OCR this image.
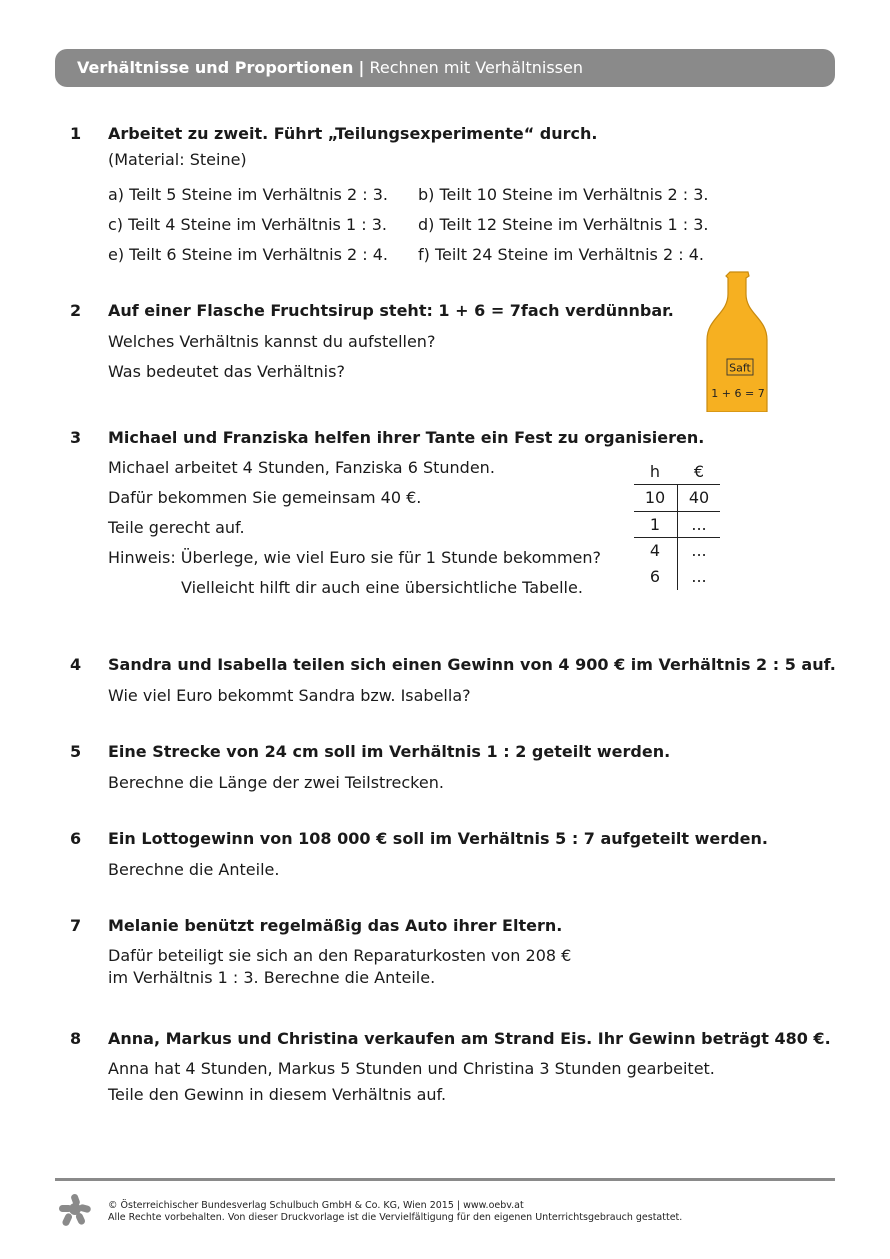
Verhältnisse und Proportionen | Rechnen mit Verhältnissen
1 Arbeitet zu zweit. Führt „Teilungsexperimente“ durch.
(Material: Steine)
a) Teilt 5 Steine im Verhältnis 2 : 3. b) Teilt 10 Steine im Verhältnis 2 : 3.
c) Teilt 4 Steine im Verhältnis 1 : 3. d) Teilt 12 Steine im Verhältnis 1 : 3.
e) Teilt 6 Steine im Verhältnis 2 : 4. f) Teilt 24 Steine im Verhältnis 2 : 4.
2 Auf einer Flasche Fruchtsirup steht: 1 + 6 = 7fach verdünnbar.
Welches Verhältnis kannst du aufstellen?
Was bedeutet das Verhältnis?	Saft
1 + 6 = 7
3 Michael und Franziska helfen ihrer Tante ein Fest zu organisieren.
Michael arbeitet 4 Stunden, Fanziska 6 Stunden.
Dafür bekommen Sie gemeinsam 40 €.
Teile gerecht auf.
Hinweis: Überlege, wie viel Euro sie für 1 Stunde bekommen?
Vielleicht hilft dir auch eine übersichtliche Tabelle.
h	€
10	40
1	...
4	...
6	...
4 Sandra und Isabella teilen sich einen Gewinn von 4 900 € im Verhältnis 2 : 5 auf.
Wie viel Euro bekommt Sandra bzw. Isabella?
5 Eine Strecke von 24 cm soll im Verhältnis 1 : 2 geteilt werden.
Berechne die Länge der zwei Teilstrecken.
6 Ein Lottogewinn von 108 000 € soll im Verhältnis 5 : 7 aufgeteilt werden.
Berechne die Anteile.
7 Melanie benützt regelmäßig das Auto ihrer Eltern.
Dafür beteiligt sie sich an den Reparaturkosten von 208 €
im Verhältnis 1 : 3. Berechne die Anteile.
8 Anna, Markus und Christina verkaufen am Strand Eis. Ihr Gewinn beträgt 480 €.
Anna hat 4 Stunden, Markus 5 Stunden und Christina 3 Stunden gearbeitet.
Teile den Gewinn in diesem Verhältnis auf.
© Österreichischer Bundesverlag Schulbuch GmbH & Co. KG, Wien 2015 | www.oebv.at
Alle Rechte vorbehalten. Von dieser Druckvorlage ist die Vervielfältigung für den eigenen Unterrichtsgebrauch gestattet.
